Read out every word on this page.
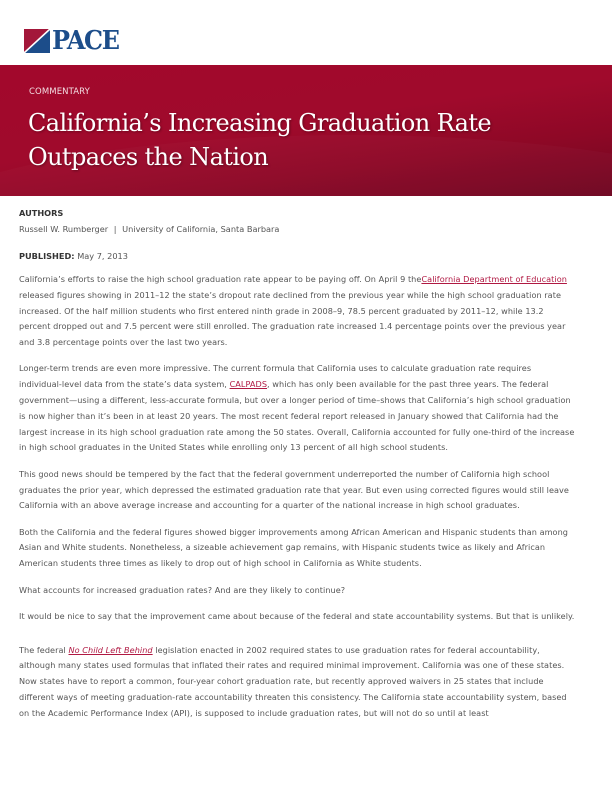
PACE
COMMENTARY
California’s Increasing Graduation Rate
Outpaces the Nation
AUTHORS
Russell W. Rumberger | University of California, Santa Barbara
PUBLISHED: May 7, 2013

California’s efforts to raise the high school graduation rate appear to be paying off. On April 9 theCalifornia Department of Education released figures showing in 2011–12 the state’s dropout rate declined from the previous year while the high school graduation rate increased. Of the half million students who first entered ninth grade in 2008–9, 78.5 percent graduated by 2011–12, while 13.2 percent dropped out and 7.5 percent were still enrolled. The graduation rate increased 1.4 percentage points over the previous year and 3.8 percentage points over the last two years.

Longer-term trends are even more impressive. The current formula that California uses to calculate graduation rate requires individual-level data from the state’s data system, CALPADS, which has only been available for the past three years. The federal government—using a different, less-accurate formula, but over a longer period of time–shows that California’s high school graduation is now higher than it’s been in at least 20 years. The most recent federal report released in January showed that California had the largest increase in its high school graduation rate among the 50 states. Overall, California accounted for fully one-third of the increase in high school graduates in the United States while enrolling only 13 percent of all high school students.

This good news should be tempered by the fact that the federal government underreported the number of California high school graduates the prior year, which depressed the estimated graduation rate that year. But even using corrected figures would still leave California with an above average increase and accounting for a quarter of the national increase in high school graduates.

Both the California and the federal figures showed bigger improvements among African American and Hispanic students than among Asian and White students. Nonetheless, a sizeable achievement gap remains, with Hispanic students twice as likely and African American students three times as likely to drop out of high school in California as White students.

What accounts for increased graduation rates? And are they likely to continue?

It would be nice to say that the improvement came about because of the federal and state accountability systems. But that is unlikely.

The federal No Child Left Behind legislation enacted in 2002 required states to use graduation rates for federal accountability, although many states used formulas that inflated their rates and required minimal improvement. California was one of these states. Now states have to report a common, four-year cohort graduation rate, but recently approved waivers in 25 states that include different ways of meeting graduation-rate accountability threaten this consistency. The California state accountability system, based on the Academic Performance Index (API), is supposed to include graduation rates, but will not do so until at least
